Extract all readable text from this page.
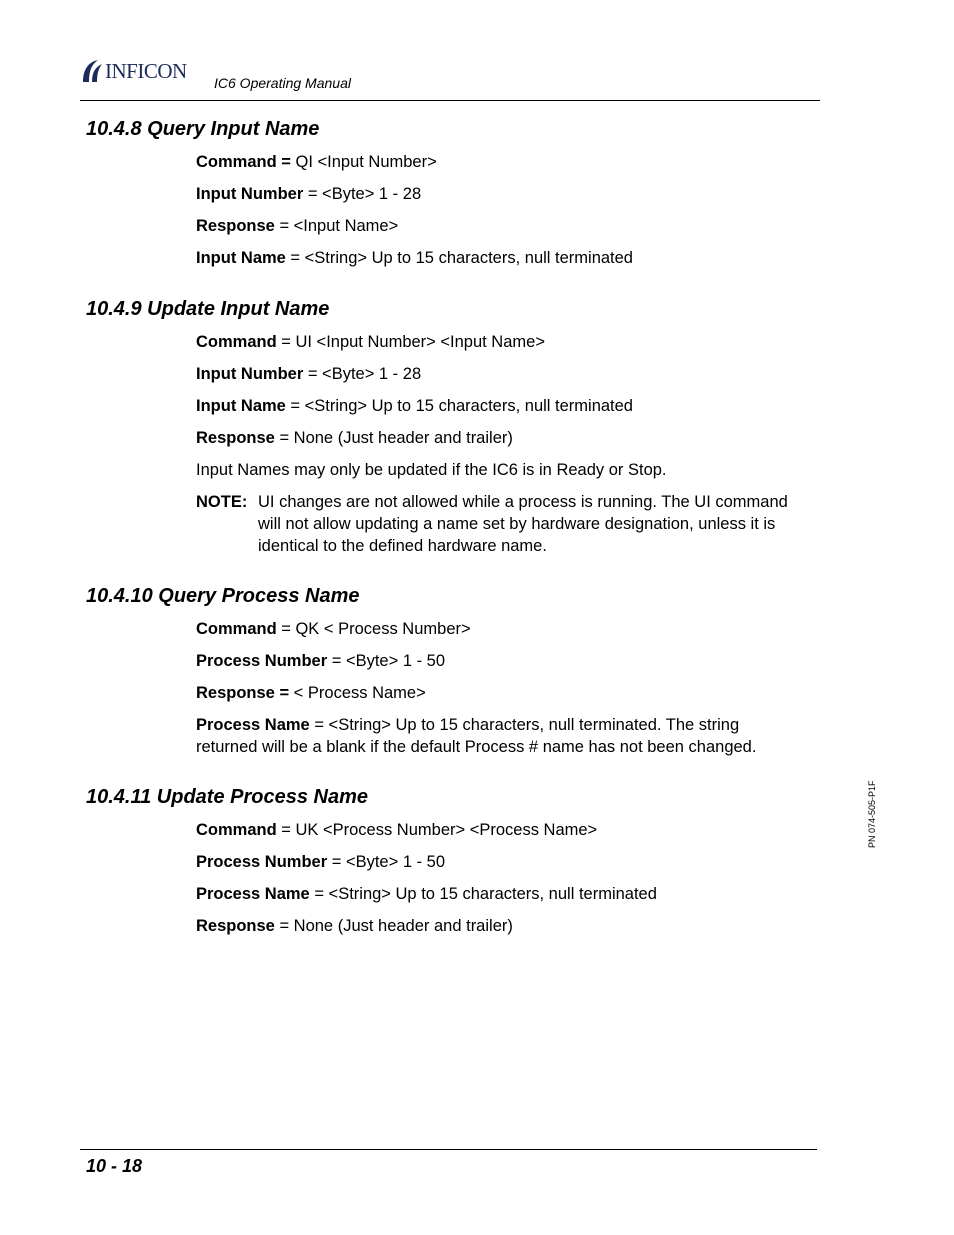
INFICON
IC6 Operating Manual
10.4.8 Query Input Name
Command = QI <Input Number>
Input Number = <Byte> 1 - 28
Response = <Input Name>
Input Name = <String> Up to 15 characters, null terminated
10.4.9 Update Input Name
Command = UI <Input Number> <Input Name>
Input Number = <Byte> 1 - 28
Input Name = <String> Up to 15 characters, null terminated
Response = None (Just header and trailer)
Input Names may only be updated if the IC6 is in Ready or Stop.
NOTE: UI changes are not allowed while a process is running. The UI command will not allow updating a name set by hardware designation, unless it is identical to the defined hardware name.
10.4.10 Query Process Name
Command = QK < Process Number>
Process Number = <Byte> 1 - 50
Response = < Process Name>
Process Name = <String> Up to 15 characters, null terminated. The string returned will be a blank if the default Process # name has not been changed.
10.4.11 Update Process Name
Command = UK <Process Number> <Process Name>
Process Number = <Byte> 1 - 50
Process Name = <String> Up to 15 characters, null terminated
Response = None (Just header and trailer)
PN 074-505-P1F
10 - 18
